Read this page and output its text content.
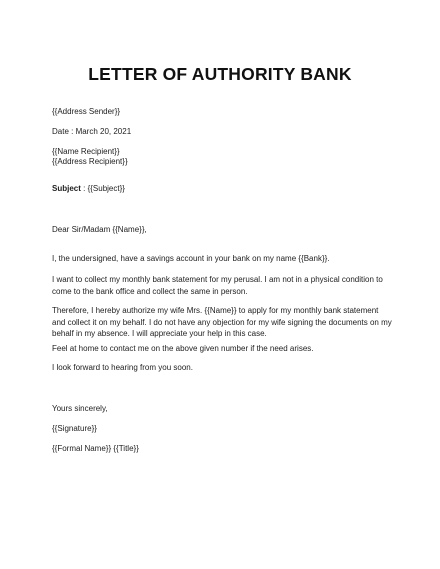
LETTER OF AUTHORITY BANK
{{Address Sender}}
Date : March 20, 2021
{{Name Recipient}}
{{Address Recipient}}
Subject : {{Subject}}
Dear Sir/Madam {{Name}},
I, the undersigned, have a savings account in your bank on my name {{Bank}}.
I want to collect my monthly bank statement for my perusal. I am not in a physical condition to come to the bank office and collect the same in person.
Therefore, I hereby authorize my wife Mrs. {{Name}} to apply for my monthly bank statement and collect it on my behalf. I do not have any objection for my wife signing the documents on my behalf in my absence. I will appreciate your help in this case.
Feel at home to contact me on the above given number if the need arises.
I look forward to hearing from you soon.
Yours sincerely,
{{Signature}}
{{Formal Name}} {{Title}}
